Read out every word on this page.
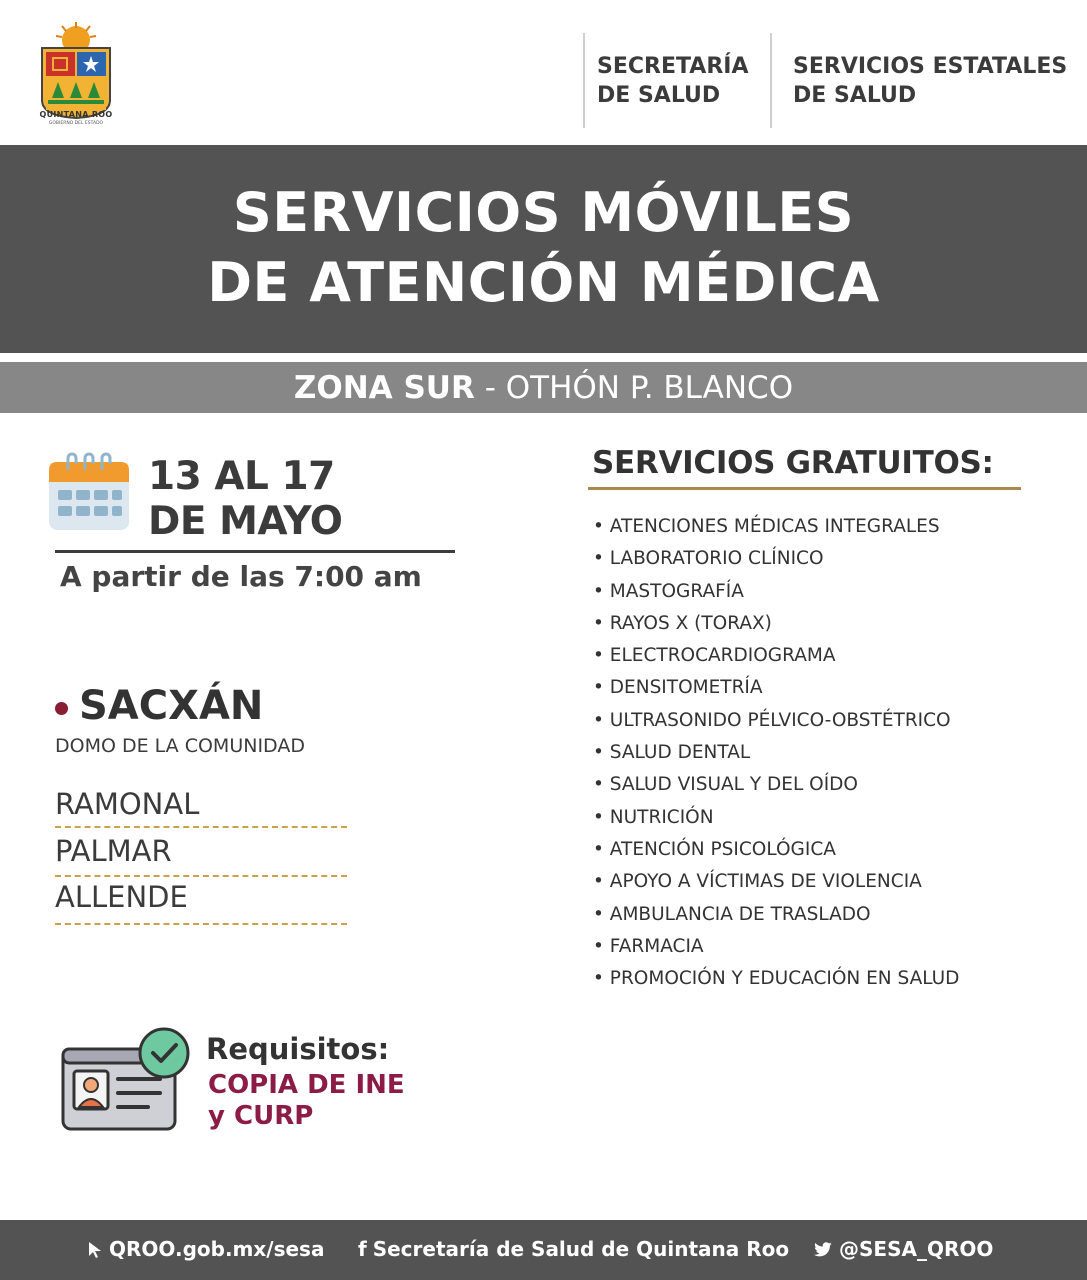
QUINTANA ROO
GOBIERNO DEL ESTADO
SECRETARÍA
DE SALUD
SERVICIOS ESTATALES
DE SALUD
SERVICIOS MÓVILES
DE ATENCIÓN MÉDICA
ZONA SUR - OTHÓN P. BLANCO
13 AL 17
DE MAYO
A partir de las 7:00 am
SACXÁN
DOMO DE LA COMUNIDAD
RAMONAL
PALMAR
ALLENDE
SERVICIOS GRATUITOS:
• ATENCIONES MÉDICAS INTEGRALES
• LABORATORIO CLÍNICO
• MASTOGRAFÍA
• RAYOS X (TORAX)
• ELECTROCARDIOGRAMA
• DENSITOMETRÍA
• ULTRASONIDO PÉLVICO-OBSTÉTRICO
• SALUD DENTAL
• SALUD VISUAL Y DEL OÍDO
• NUTRICIÓN
• ATENCIÓN PSICOLÓGICA
• APOYO A VÍCTIMAS DE VIOLENCIA
• AMBULANCIA DE TRASLADO
• FARMACIA
• PROMOCIÓN Y EDUCACIÓN EN SALUD
Requisitos:
COPIA DE INE
y CURP
QROO.gob.mx/sesa f Secretaría de Salud de Quintana Roo	@SESA_QROO
